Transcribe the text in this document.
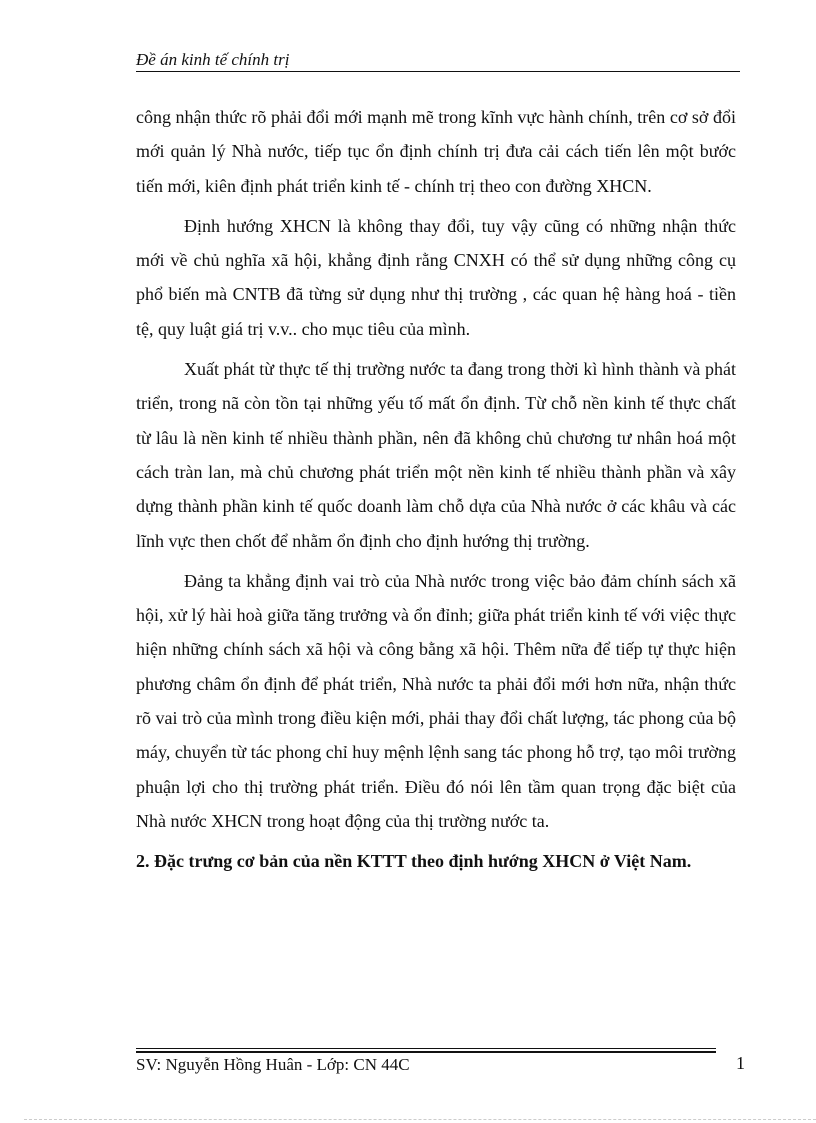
Đề án kinh tế chính trị

công nhận thức rõ phải đổi mới mạnh mẽ trong kĩnh vực hành chính, trên cơ sở đổi mới quản lý Nhà nước, tiếp tục ổn định chính trị đưa cải cách tiến lên một bước tiến mới, kiên định phát triển kinh tế - chính trị theo con đường XHCN.

Định hướng XHCN là không thay đổi, tuy vậy cũng có những nhận thức mới về chủ nghĩa xã hội, khẳng định rằng CNXH có thể sử dụng những công cụ phổ biến mà CNTB đã từng sử dụng như thị trường , các quan hệ hàng hoá - tiền tệ, quy luật giá trị v.v.. cho mục tiêu của mình.

Xuất phát từ thực tế thị trường nước ta đang trong thời kì hình thành và phát triển, trong nã còn tồn tại những yếu tố mất ổn định. Từ chỗ nền kinh tế thực chất từ lâu là nền kinh tế nhiều thành phần, nên đã không chủ chương tư nhân hoá một cách tràn lan, mà chủ chương phát triển một nền kinh tế nhiều thành phần và xây dựng thành phần kinh tế quốc doanh làm chỗ dựa của Nhà nước ở các khâu và các lĩnh vực then chốt để nhằm ổn định cho định hướng thị trường.

Đảng ta khẳng định vai trò của Nhà nước trong việc bảo đảm chính sách xã hội, xử lý hài hoà giữa tăng trưởng và ổn đỉnh; giữa phát triển kinh tế với việc thực hiện những chính sách xã hội và công bằng xã hội. Thêm nữa để tiếp tự thực hiện phương châm ổn định để phát triển, Nhà nước ta phải đổi mới hơn nữa, nhận thức rõ vai trò của mình trong điều kiện mới, phải thay đổi chất lượng, tác phong của bộ máy, chuyển từ tác phong chỉ huy mệnh lệnh sang tác phong hỗ trợ, tạo môi trường phuận lợi cho thị trường phát triển. Điều đó nói lên tầm quan trọng đặc biệt của Nhà nước XHCN trong hoạt động của thị trường nước ta.

2. Đặc trưng cơ bản của nền KTTT theo định hướng XHCN ở Việt Nam.
SV: Nguyễn Hồng Huân - Lớp: CN 44C	1
